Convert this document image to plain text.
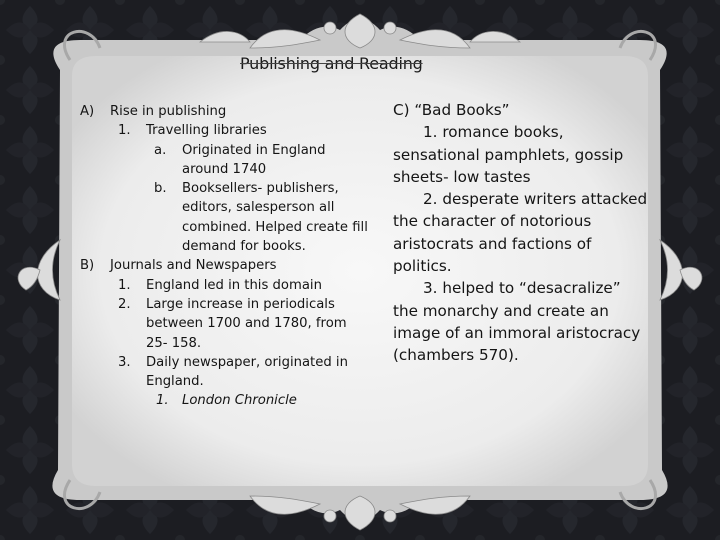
Publishing and Reading
A) Rise in publishing
1. Travelling libraries
a. Originated in England around 1740
b. Booksellers- publishers, editors, salesperson all combined. Helped create fill demand for books.
B) Journals and Newspapers
1. England led in this domain
2. Large increase in periodicals between 1700 and 1780, from 25- 158.
3. Daily newspaper, originated in England.
1. London Chronicle

C) “Bad Books”

1. romance books, sensational pamphlets, gossip sheets- low tastes

2. desperate writers attacked the character of notorious aristocrats and factions of politics.

3. helped to “desacralize” the monarchy and create an image of an immoral aristocracy (chambers 570).
